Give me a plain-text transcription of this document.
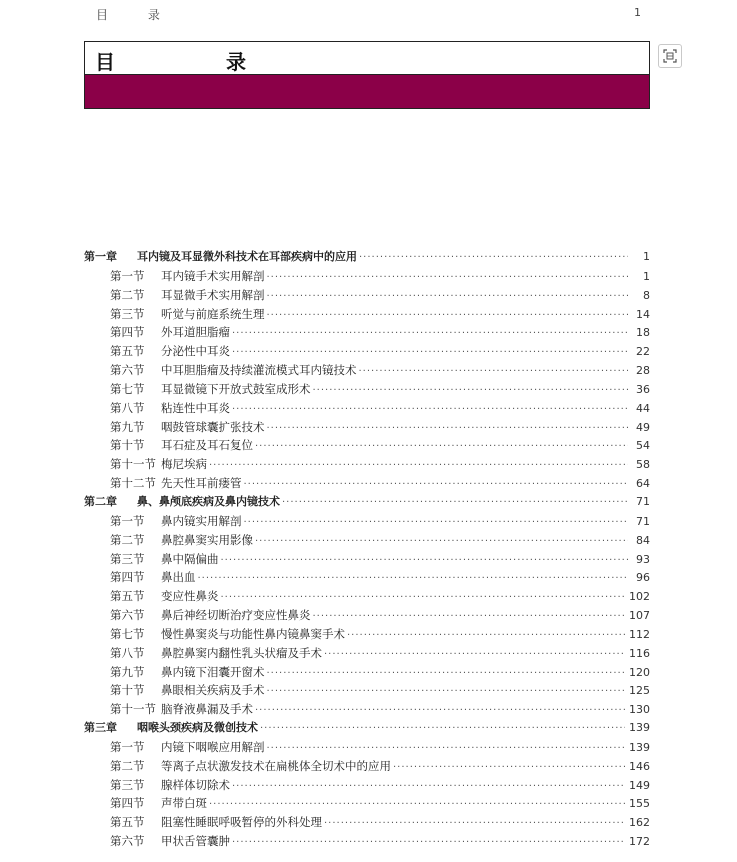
目 录	1
目 录
第一章	耳内镜及耳显微外科技术在耳部疾病中的应用 ·····	1
第一节	耳内镜手术实用解剖 ·····	1
第二节	耳显微手术实用解剖 ·····	8
第三节	听觉与前庭系统生理 ·····	14
第四节	外耳道胆脂瘤 ·····	18
第五节	分泌性中耳炎 ·····	22
第六节	中耳胆脂瘤及持续灌流模式耳内镜技术 ·····	28
第七节	耳显微镜下开放式鼓室成形术 ·····	36
第八节	粘连性中耳炎 ·····	44
第九节	咽鼓管球囊扩张技术 ·····	49
第十节	耳石症及耳石复位 ·····	54
第十一节 梅尼埃病 ·····	58
第十二节 先天性耳前瘘管 ·····	64
第二章	鼻、鼻颅底疾病及鼻内镜技术 ·····	71
第一节	鼻内镜实用解剖 ·····	71
第二节	鼻腔鼻窦实用影像 ·····	84
第三节	鼻中隔偏曲 ·····	93
第四节	鼻出血 ·····	96
第五节	变应性鼻炎 ·····	102
第六节	鼻后神经切断治疗变应性鼻炎 ·····	107
第七节	慢性鼻窦炎与功能性鼻内镜鼻窦手术 ·····	112
第八节	鼻腔鼻窦内翻性乳头状瘤及手术 ·····	116
第九节	鼻内镜下泪囊开窗术 ·····	120
第十节	鼻眼相关疾病及手术 ·····	125
第十一节 脑脊液鼻漏及手术 ·····	130
第三章	咽喉头颈疾病及微创技术 ·····	139
第一节	内镜下咽喉应用解剖 ·····	139
第二节	等离子点状激发技术在扁桃体全切术中的应用 ·····	146
第三节	腺样体切除术 ·····	149
第四节	声带白斑 ·····	155
第五节	阻塞性睡眠呼吸暂停的外科处理 ·····	162
第六节	甲状舌管囊肿 ·····	172
